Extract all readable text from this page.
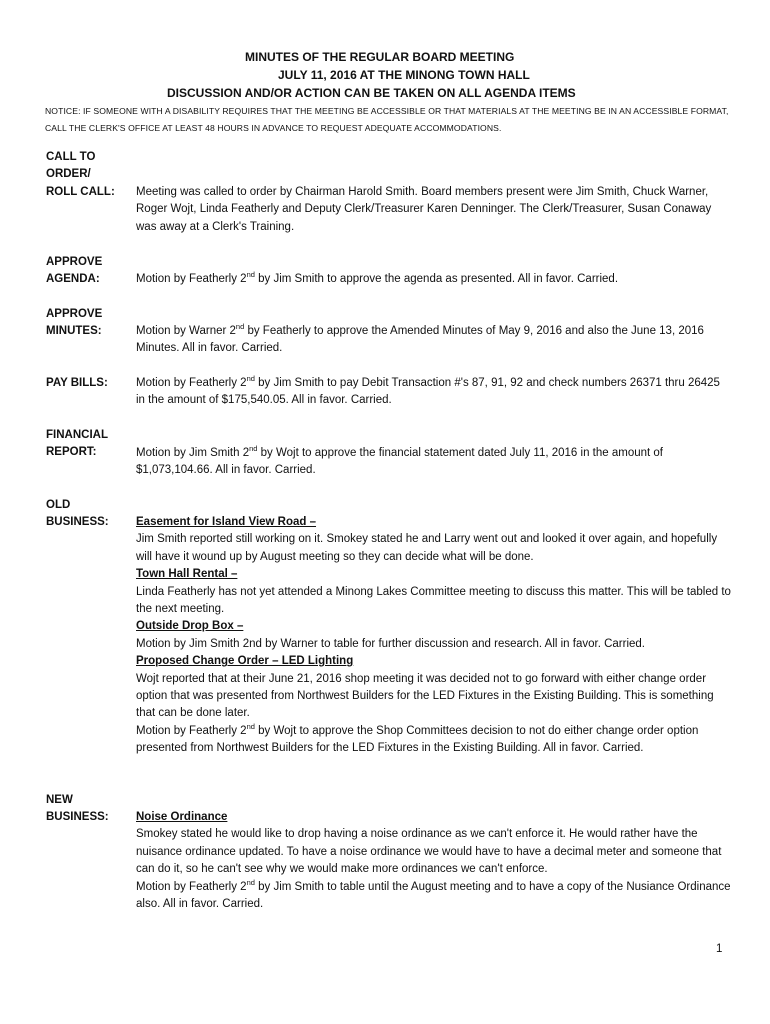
MINUTES OF THE REGULAR BOARD MEETING
JULY 11, 2016 AT THE MINONG TOWN HALL
DISCUSSION AND/OR ACTION CAN BE TAKEN ON ALL AGENDA ITEMS
NOTICE: IF SOMEONE WITH A DISABILITY REQUIRES THAT THE MEETING BE ACCESSIBLE OR THAT MATERIALS AT THE MEETING BE IN AN ACCESSIBLE FORMAT, CALL THE CLERK'S OFFICE AT LEAST 48 HOURS IN ADVANCE TO REQUEST ADEQUATE ACCOMMODATIONS.
CALL TO
ORDER/
ROLL CALL: Meeting was called to order by Chairman Harold Smith. Board members present were Jim Smith, Chuck Warner, Roger Wojt, Linda Featherly and Deputy Clerk/Treasurer Karen Denninger. The Clerk/Treasurer, Susan Conaway was away at a Clerk's Training.
APPROVE
AGENDA:	Motion by Featherly 2nd by Jim Smith to approve the agenda as presented. All in favor. Carried.
APPROVE
MINUTES:	Motion by Warner 2nd by Featherly to approve the Amended Minutes of May 9, 2016 and also the June 13, 2016 Minutes. All in favor. Carried.
PAY BILLS: Motion by Featherly 2nd by Jim Smith to pay Debit Transaction #'s 87, 91, 92 and check numbers 26371 thru 26425 in the amount of $175,540.05. All in favor. Carried.
FINANCIAL
REPORT:	Motion by Jim Smith 2nd by Wojt to approve the financial statement dated July 11, 2016 in the amount of $1,073,104.66. All in favor. Carried.
OLD
BUSINESS: Easement for Island View Road –
Jim Smith reported still working on it. Smokey stated he and Larry went out and looked it over again, and hopefully will have it wound up by August meeting so they can decide what will be done.
Town Hall Rental –
Linda Featherly has not yet attended a Minong Lakes Committee meeting to discuss this matter. This will be tabled to the next meeting.
Outside Drop Box –
Motion by Jim Smith 2nd by Warner to table for further discussion and research. All in favor. Carried.
Proposed Change Order – LED Lighting
Wojt reported that at their June 21, 2016 shop meeting it was decided not to go forward with either change order option that was presented from Northwest Builders for the LED Fixtures in the Existing Building. This is something that can be done later.
Motion by Featherly 2nd by Wojt to approve the Shop Committees decision to not do either change order option presented from Northwest Builders for the LED Fixtures in the Existing Building. All in favor. Carried.
NEW
BUSINESS: Noise Ordinance
Smokey stated he would like to drop having a noise ordinance as we can't enforce it. He would rather have the nuisance ordinance updated. To have a noise ordinance we would have to have a decimal meter and someone that can do it, so he can't see why we would make more ordinances we can't enforce.
Motion by Featherly 2nd by Jim Smith to table until the August meeting and to have a copy of the Nusiance Ordinance also. All in favor. Carried.
1
